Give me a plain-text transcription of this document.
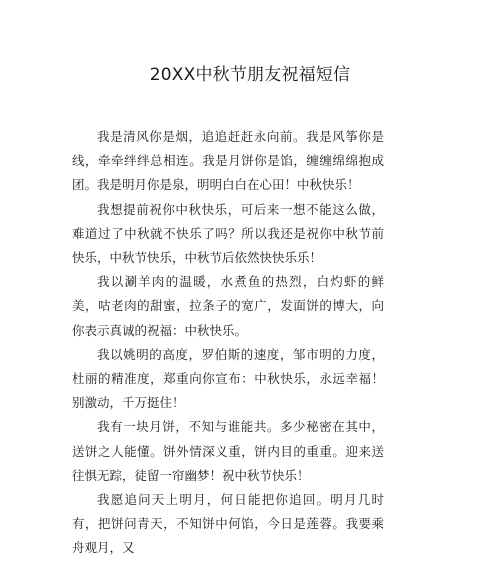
20XX中秋节朋友祝福短信

我是清风你是烟，追追赶赶永向前。我是风筝你是线，牵牵绊绊总相连。我是月饼你是馅，缠缠绵绵抱成团。我是明月你是泉，明明白白在心田！中秋快乐！

我想提前祝你中秋快乐，可后来一想不能这么做，难道过了中秋就不快乐了吗？所以我还是祝你中秋节前快乐，中秋节快乐，中秋节后依然快快乐乐！

我以涮羊肉的温暖，水煮鱼的热烈，白灼虾的鲜美，咕老肉的甜蜜，拉条子的宽广，发面饼的博大，向你表示真诚的祝福：中秋快乐。

我以姚明的高度，罗伯斯的速度，邹市明的力度，杜丽的精准度，郑重向你宣布：中秋快乐，永远幸福！别激动，千万挺住！

我有一块月饼，不知与谁能共。多少秘密在其中，送饼之人能懂。饼外情深义重，饼内目的重重。迎来送往惧无踪，徒留一帘幽梦！祝中秋节快乐！

我愿追问天上明月，何日能把你追回。明月几时有，把饼问青天，不知饼中何馅，今日是莲蓉。我要乘舟观月，又
